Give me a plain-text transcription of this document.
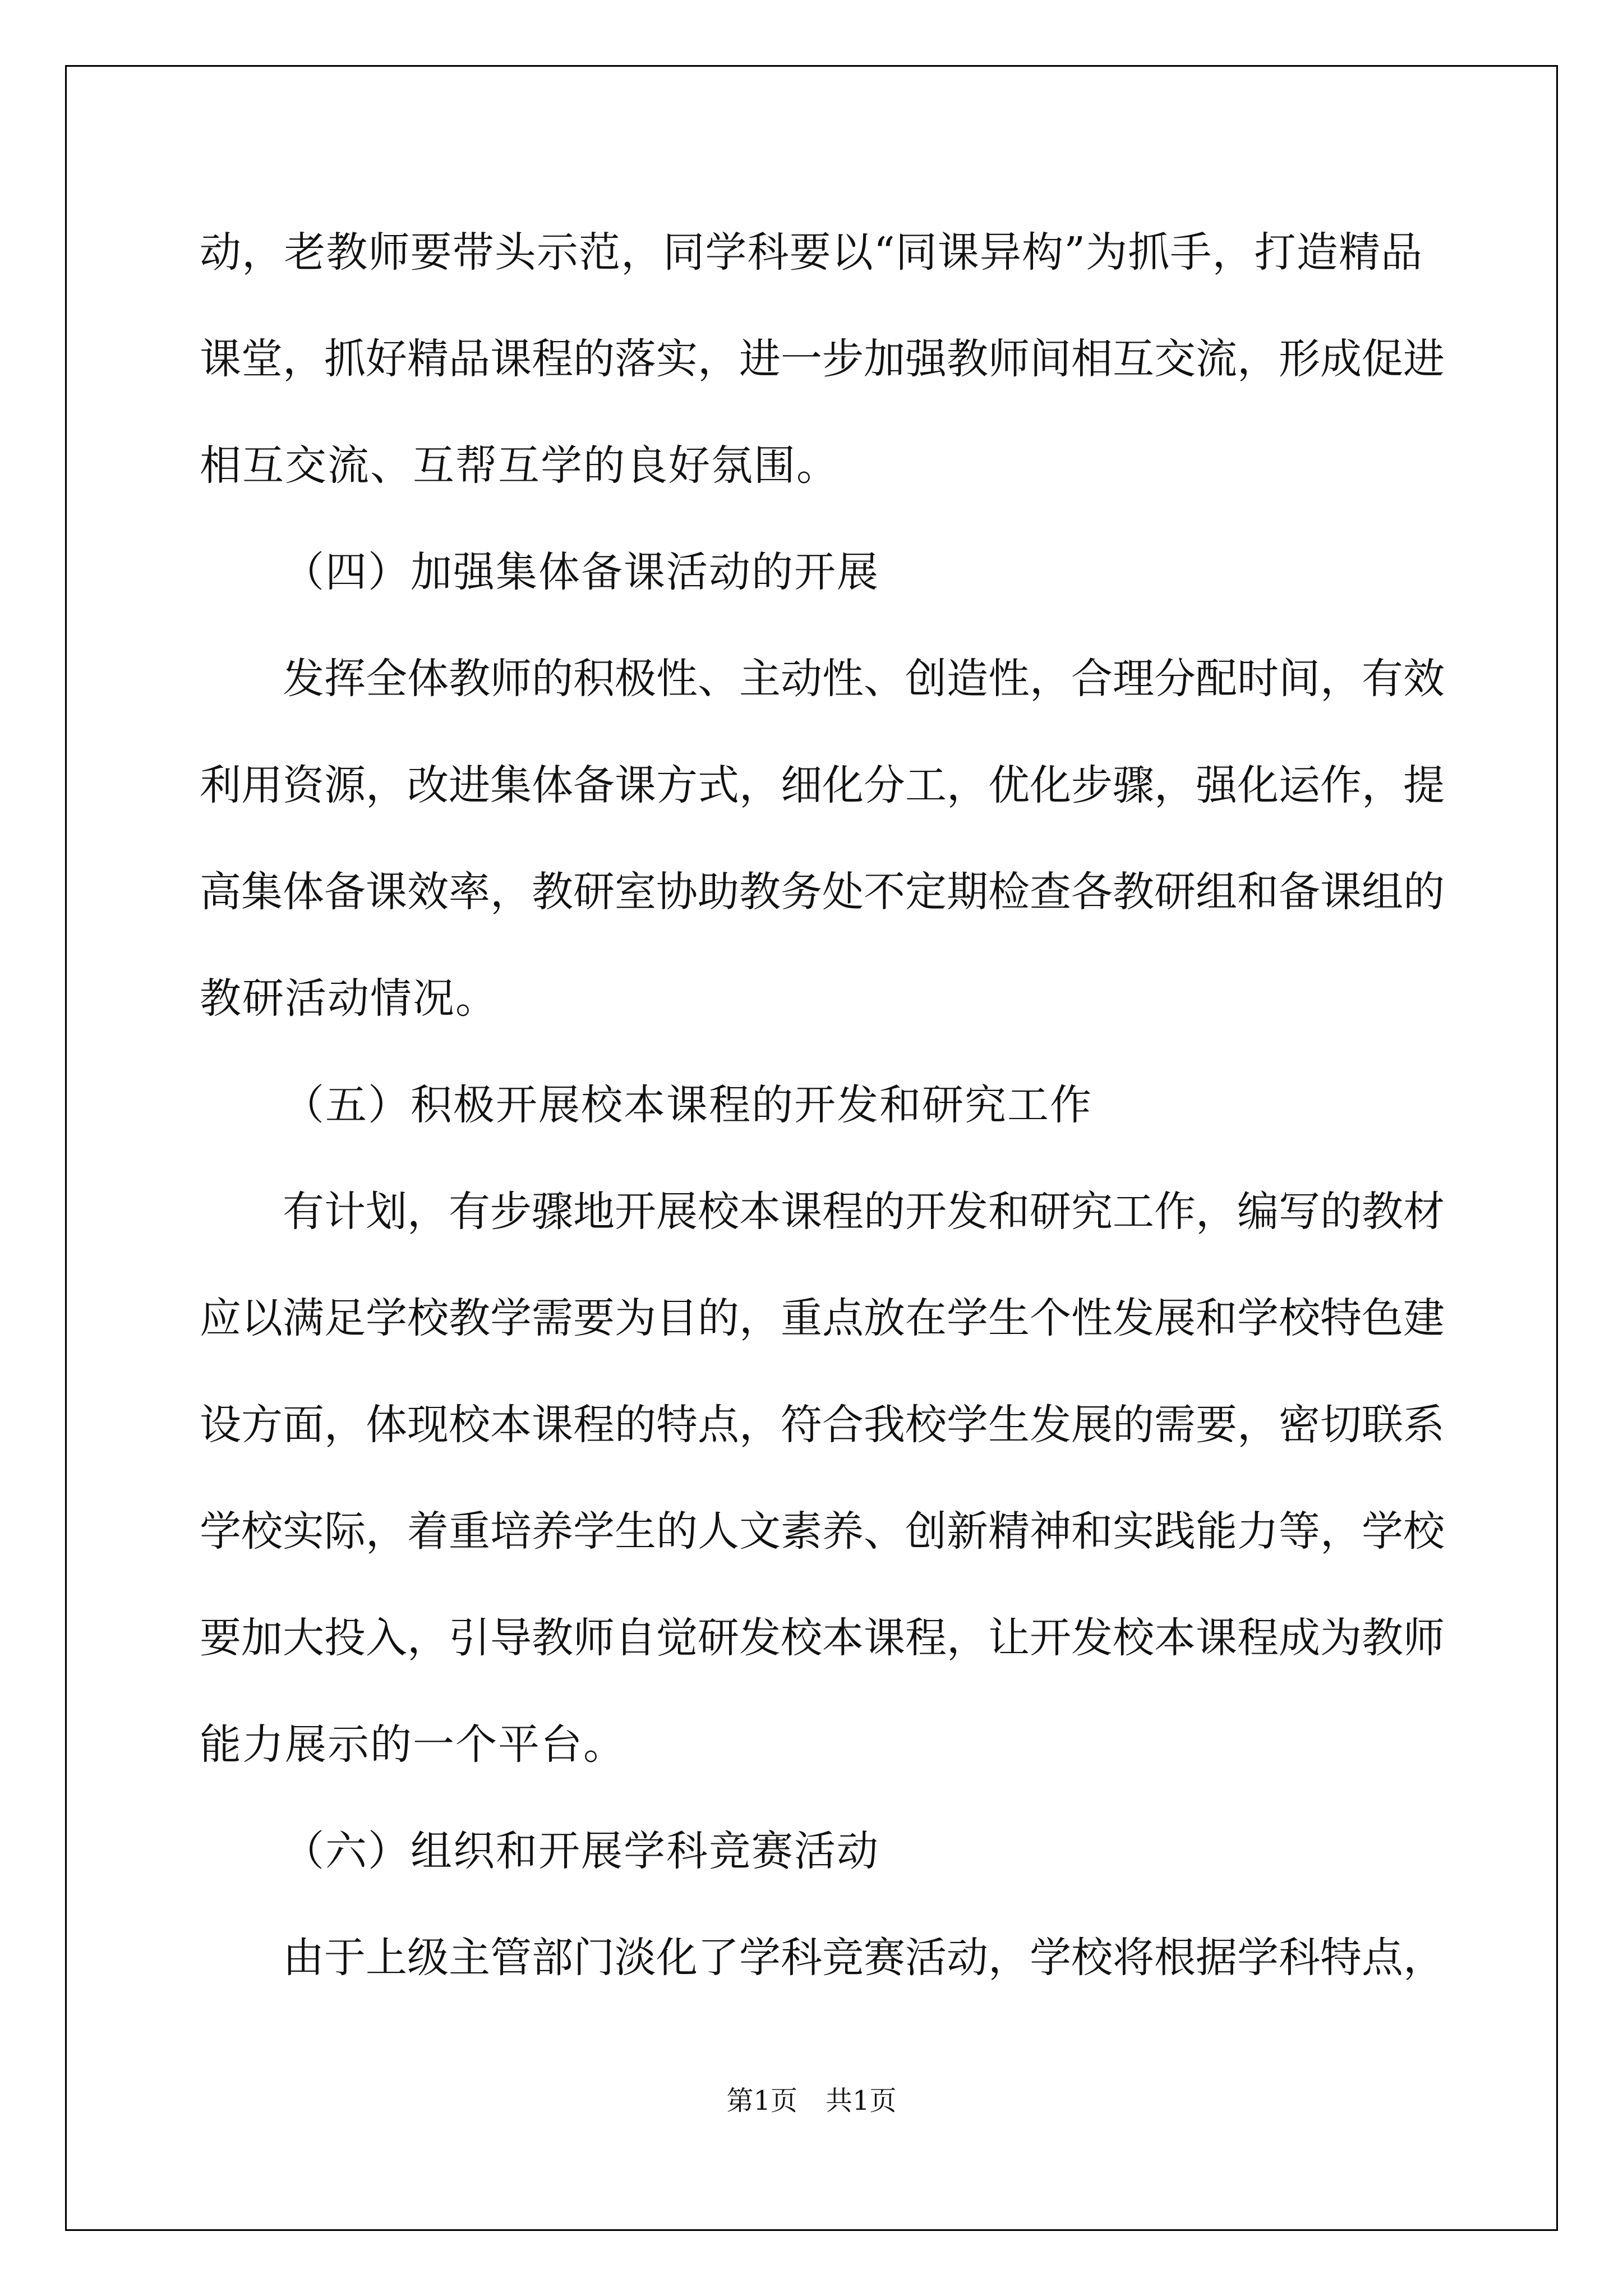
动，老教师要带头示范，同学科要以“同课异构”为抓手，打造精品
课堂，抓好精品课程的落实，进一步加强教师间相互交流，形成促进
相互交流、互帮互学的良好氛围。
（四）加强集体备课活动的开展
发挥全体教师的积极性、主动性、创造性，合理分配时间，有效
利用资源，改进集体备课方式，细化分工，优化步骤，强化运作，提
高集体备课效率，教研室协助教务处不定期检查各教研组和备课组的
教研活动情况。
（五）积极开展校本课程的开发和研究工作
有计划，有步骤地开展校本课程的开发和研究工作，编写的教材
应以满足学校教学需要为目的，重点放在学生个性发展和学校特色建
设方面，体现校本课程的特点，符合我校学生发展的需要，密切联系
学校实际，着重培养学生的人文素养、创新精神和实践能力等，学校
要加大投入，引导教师自觉研发校本课程，让开发校本课程成为教师
能力展示的一个平台。
（六）组织和开展学科竞赛活动
由于上级主管部门淡化了学科竞赛活动，学校将根据学科特点，
第1页 共1页
